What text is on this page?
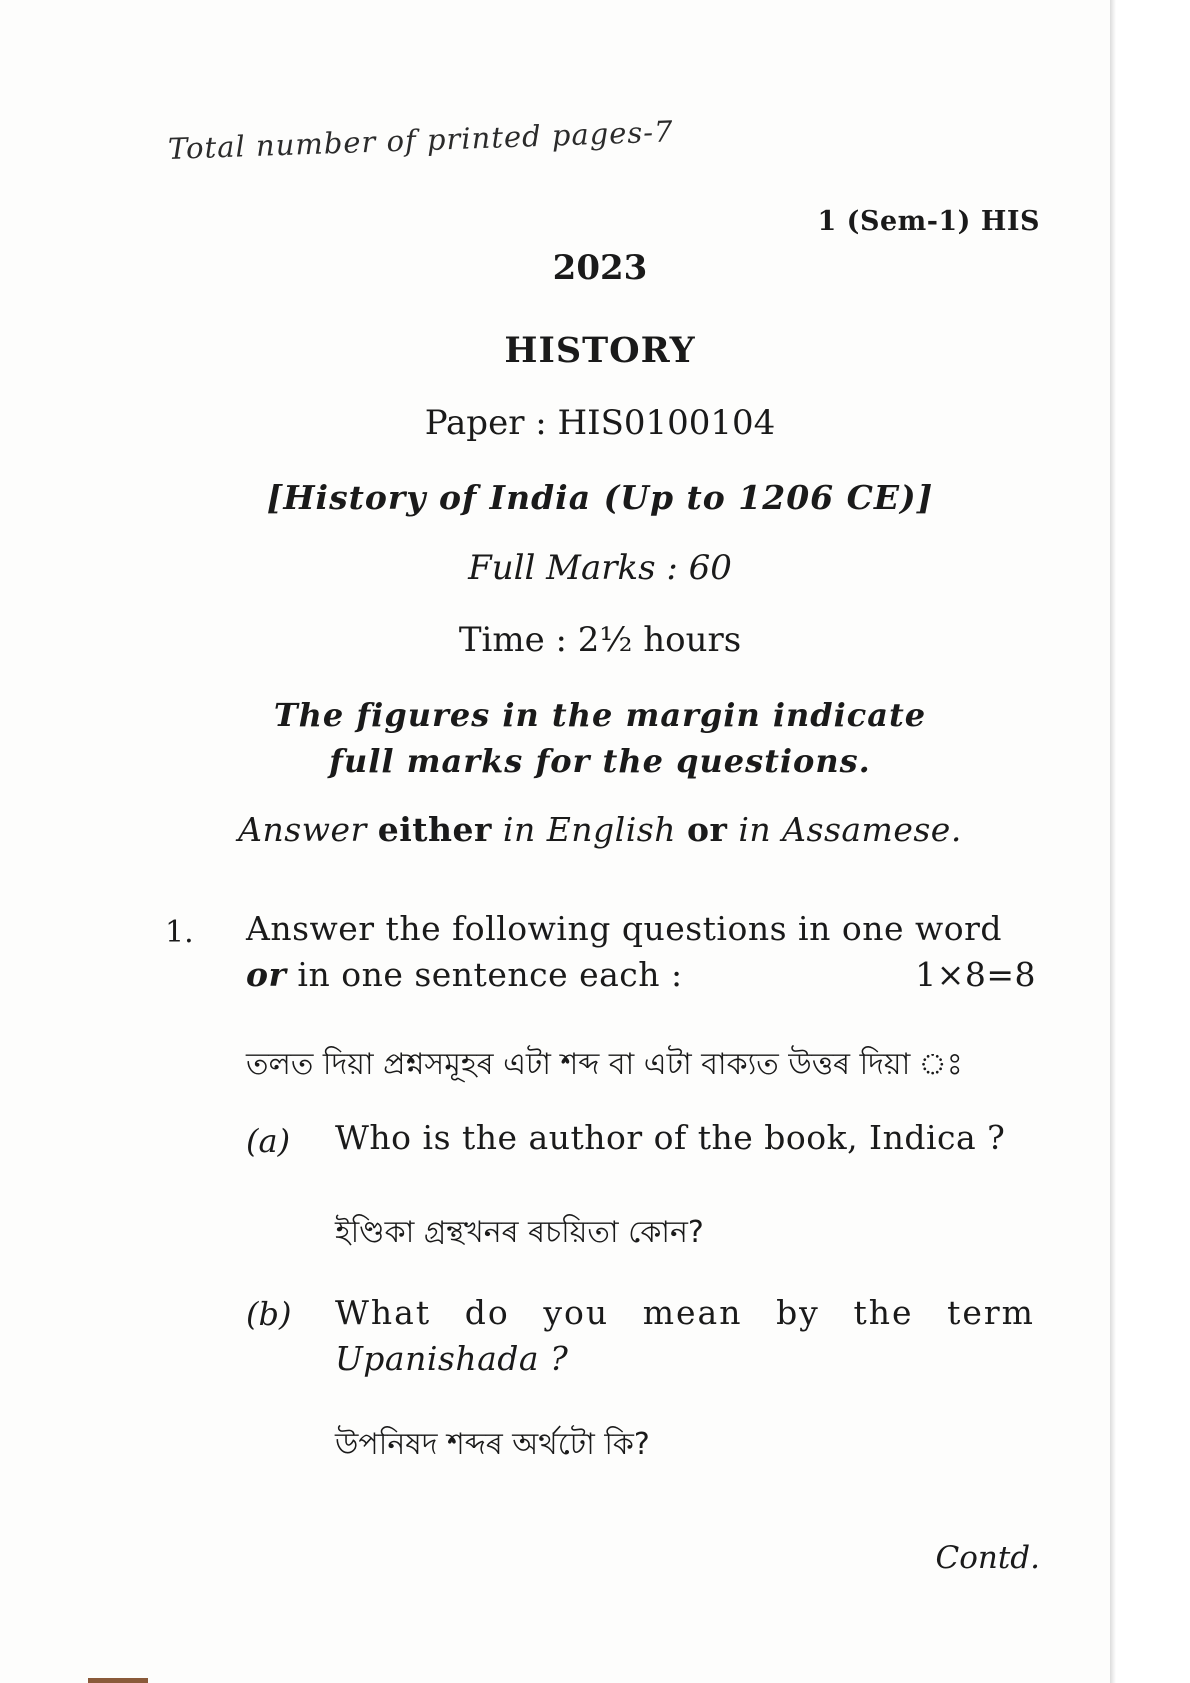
Total number of printed pages-7

1 (Sem-1) HIS

2023

HISTORY

Paper : HIS0100104

[History of India (Up to 1206 CE)]

Full Marks : 60

Time : 2½ hours

The figures in the margin indicate
full marks for the questions.

Answer either in English or in Assamese.

1. Answer the following questions in one word
or in one sentence each :	1×8=8

তলত দিয়া প্ৰশ্নসমূহৰ এটা শব্দ বা এটা বাক্যত উত্তৰ দিয়া ঃ

(a) Who is the author of the book, Indica ?

ইণ্ডিকা গ্ৰন্থখনৰ ৰচয়িতা কোন?

(b) What do you mean by the term
Upanishada ?

উপনিষদ শব্দৰ অৰ্থটো কি?

Contd.
